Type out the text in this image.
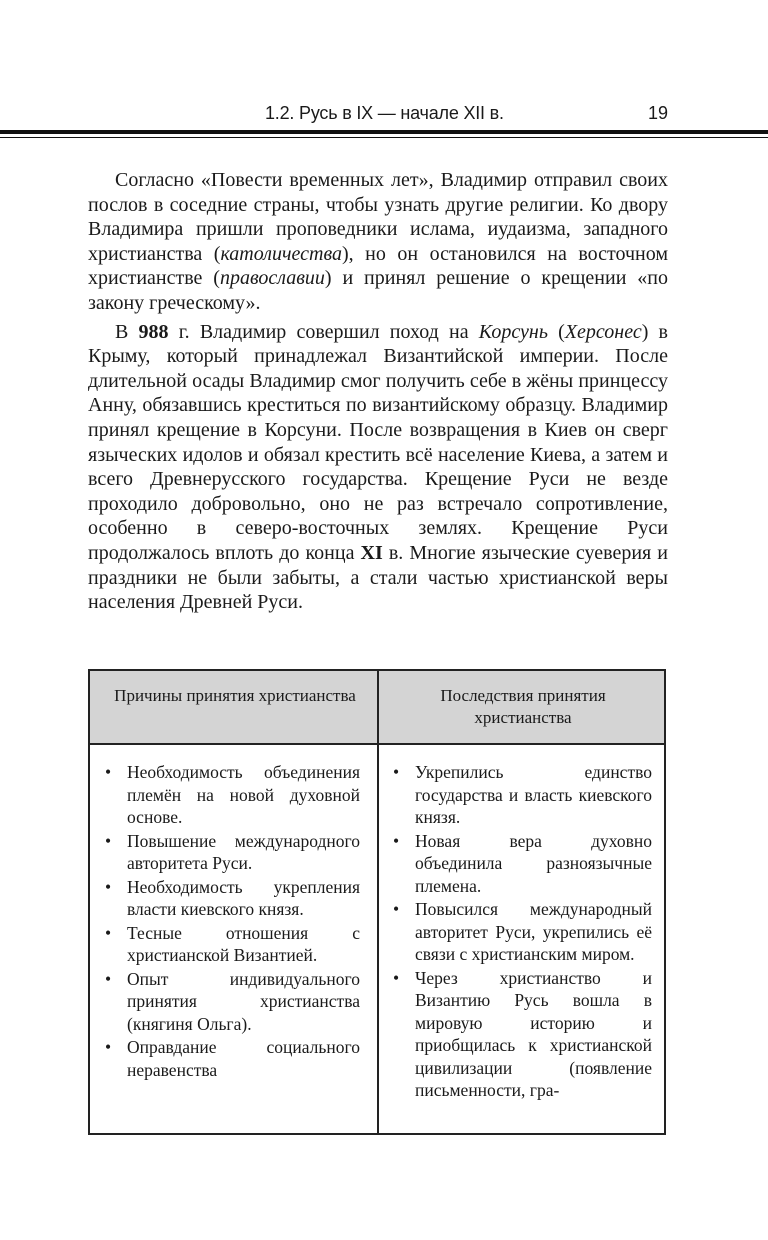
1.2. Русь в IX — начале XII в.	19

Согласно «Повести временных лет», Владимир отправил своих послов в соседние страны, чтобы узнать другие религии. Ко двору Владимира пришли проповедники ислама, иудаизма, западного христианства (католичества), но он остановился на восточном христианстве (православии) и принял решение о крещении «по закону греческому».

В 988 г. Владимир совершил поход на Корсунь (Херсонес) в Крыму, который принадлежал Византийской империи. После длительной осады Владимир смог получить себе в жёны принцессу Анну, обязавшись креститься по византийскому образцу. Владимир принял крещение в Корсуни. После возвращения в Киев он сверг языческих идолов и обязал крестить всё население Киева, а затем и всего Древнерусского государства. Крещение Руси не везде проходило добровольно, оно не раз встречало сопротивление, особенно в северо-восточных землях. Крещение Руси продолжалось вплоть до конца XI в. Многие языческие суеверия и праздники не были забыты, а стали частью христианской веры населения Древней Руси.

Причины принятия христианства	Последствия принятия христианства
• Необходимость объединения племён на новой духовной основе.
• Повышение международного авторитета Руси.
• Необходимость укрепления власти киевского князя.
• Тесные отношения с христианской Византией.
• Опыт индивидуального принятия христианства (княгиня Ольга).
• Оправдание социального неравенства
• Укрепились единство государства и власть киевского князя.
• Новая вера духовно объединила разноязычные племена.
• Повысился международный авторитет Руси, укрепились её связи с христианским миром.
• Через христианство и Византию Русь вошла в мировую историю и приобщилась к христианской цивилизации (появление письменности, гра-
